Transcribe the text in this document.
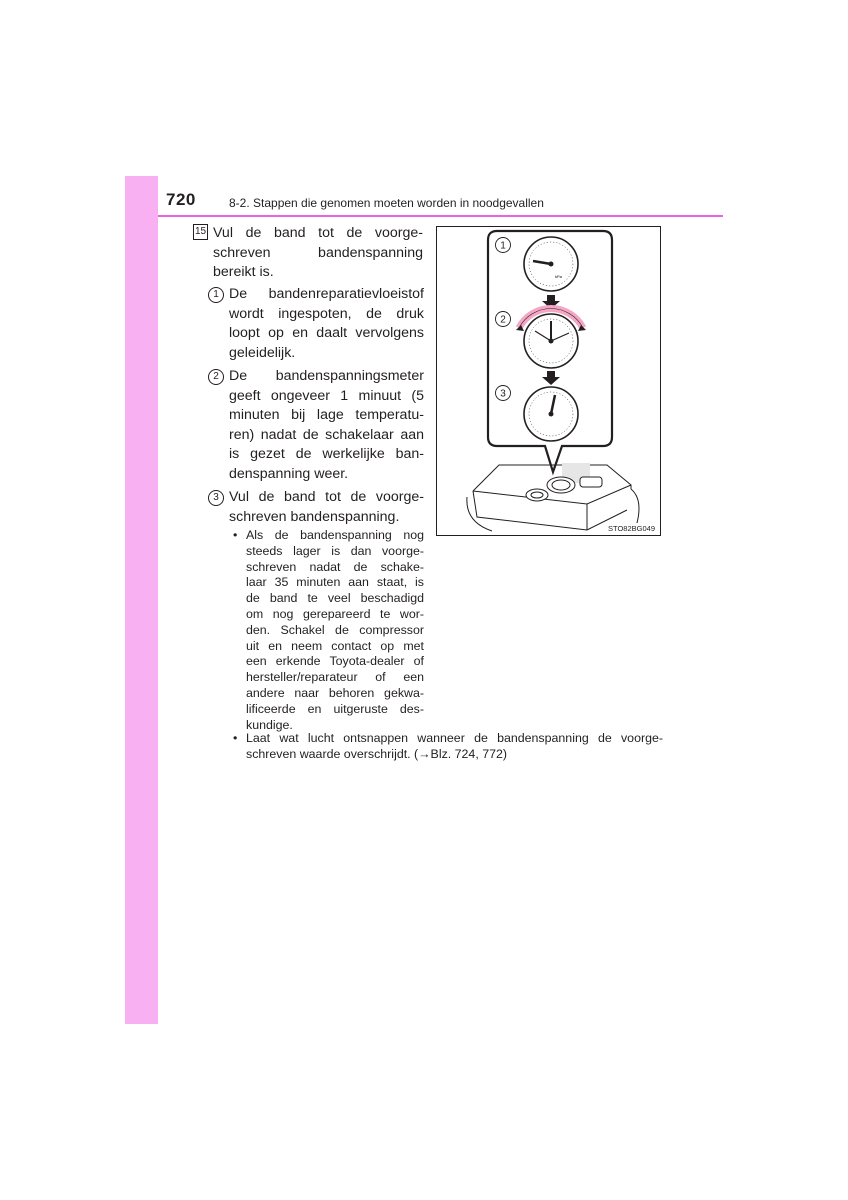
720	8-2. Stappen die genomen moeten worden in noodgevallen
15 Vul de band tot de voorge-
schreven bandenspanning
bereikt is.
1 De bandenreparatievloeistof
wordt ingespoten, de druk
loopt op en daalt vervolgens
geleidelijk.
2 De bandenspanningsmeter
geeft ongeveer 1 minuut (5
minuten bij lage temperatu-
ren) nadat de schakelaar aan
is gezet de werkelijke ban-
denspanning weer.
3 Vul de band tot de voorge-
schreven bandenspanning.
• Als de bandenspanning nog
steeds lager is dan voorge-
schreven nadat de schake-
laar 35 minuten aan staat, is
de band te veel beschadigd
om nog gerepareerd te wor-
den. Schakel de compressor
uit en neem contact op met
een erkende Toyota-dealer of
hersteller/reparateur of een
andere naar behoren gekwa-
lificeerde en uitgeruste des-
kundige.
• Laat wat lucht ontsnappen wanneer de bandenspanning de voorge-
schreven waarde overschrijdt. (→Blz. 724, 772)
1
2
3
kPa
STO82BG049
